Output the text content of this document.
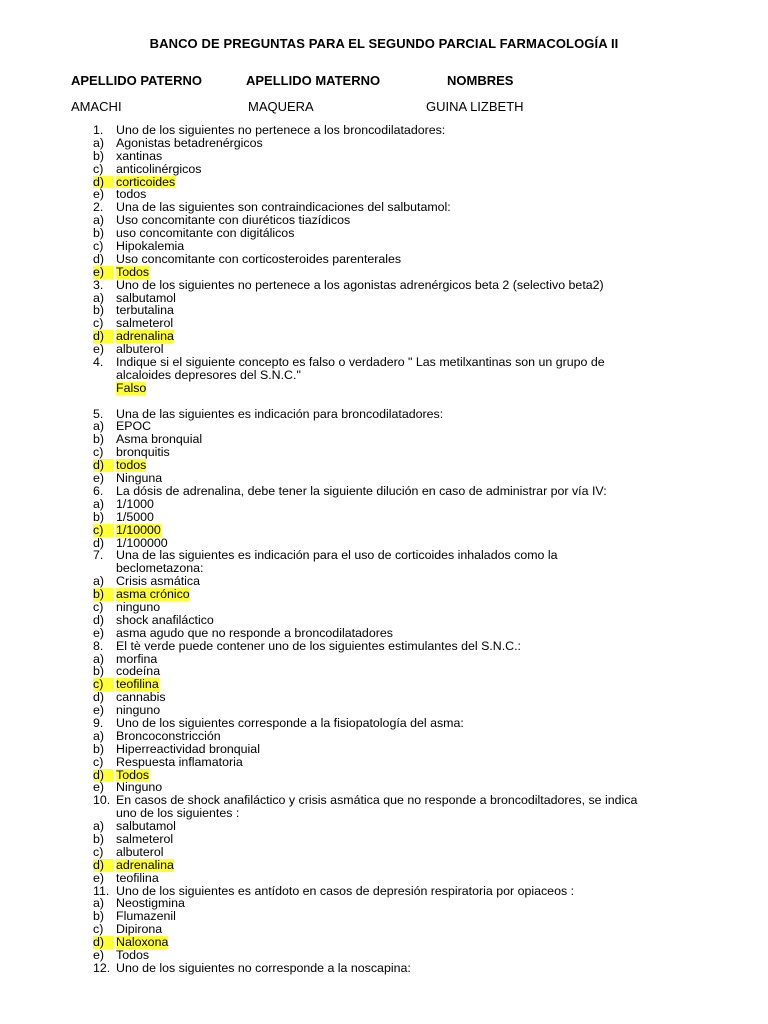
BANCO DE PREGUNTAS PARA EL SEGUNDO PARCIAL FARMACOLOGÍA II
APELLIDO PATERNO	APELLIDO MATERNO	NOMBRES
AMACHI	MAQUERA	GUINA LIZBETH
1.	Uno de los siguientes no pertenece a los broncodilatadores:
a) Agonistas betadrenérgicos
b) xantinas
c)	anticolinérgicos
d) corticoides
e) todos
2.	Una de las siguientes son contraindicaciones del salbutamol:
a) Uso concomitante con diuréticos tiazídicos
b) uso concomitante con digitálicos
c)	Hipokalemia
d) Uso concomitante con corticosteroides parenterales
e) Todos
3.	Uno de los siguientes no pertenece a los agonistas adrenérgicos beta 2 (selectivo beta2)
a) salbutamol
b) terbutalina
c)	salmeterol
d) adrenalina
e) albuterol
4.	Indique si el siguiente concepto es falso o verdadero " Las metilxantinas son un grupo de
alcaloides depresores del S.N.C."
Falso
5.	Una de las siguientes es indicación para broncodilatadores:
a) EPOC
b) Asma bronquial
c)	bronquitis
d) todos
e) Ninguna
6.	La dósis de adrenalina, debe tener la siguiente dilución en caso de administrar por vía IV:
a) 1/1000
b) 1/5000
c)	1/10000
d) 1/100000
7.	Una de las siguientes es indicación para el uso de corticoides inhalados como la
beclometazona:
a) Crisis asmática
b) asma crónico
c)	ninguno
d) shock anafiláctico
e) asma agudo que no responde a broncodilatadores
8.	El tè verde puede contener uno de los siguientes estimulantes del S.N.C.:
a) morfina
b) codeína
c)	teofilina
d) cannabis
e) ninguno
9.	Uno de los siguientes corresponde a la fisiopatología del asma:
a) Broncoconstricción
b) Hiperreactividad bronquial
c)	Respuesta inflamatoria
d) Todos
e) Ninguno
10. En casos de shock anafiláctico y crisis asmática que no responde a broncodiltadores, se indica
uno de los siguientes :
a) salbutamol
b) salmeterol
c)	albuterol
d) adrenalina
e) teofilina
11. Uno de los siguientes es antídoto en casos de depresión respiratoria por opiaceos :
a) Neostigmina
b) Flumazenil
c)	Dipirona
d) Naloxona
e) Todos
12. Uno de los siguientes no corresponde a la noscapina:
